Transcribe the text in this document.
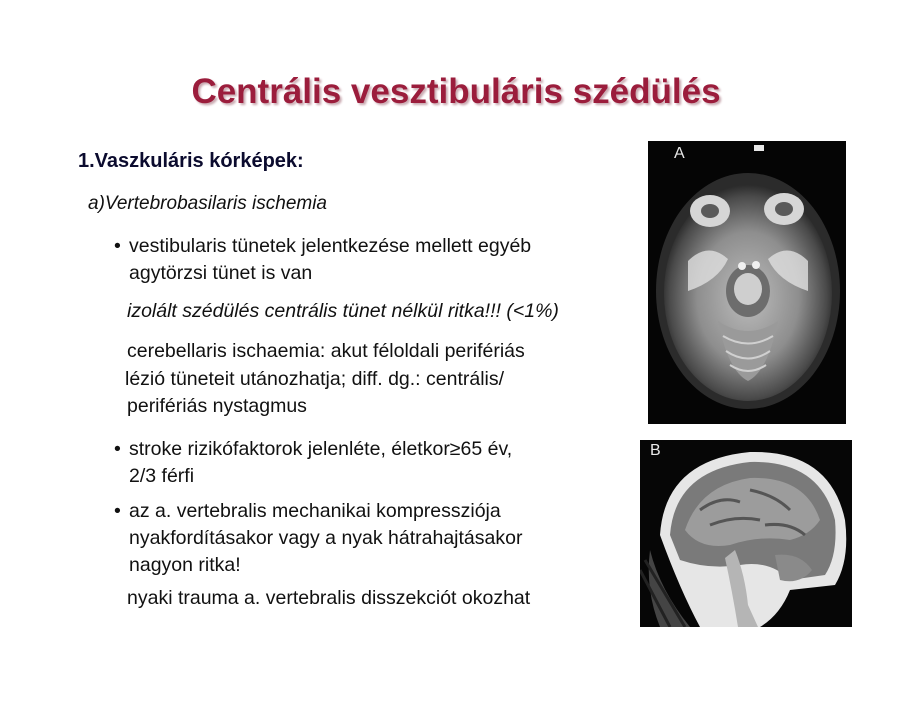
Centrális vesztibuláris szédülés
1.Vaszkuláris kórképek:
a)Vertebrobasilaris ischemia
• vestibularis tünetek jelentkezése mellett egyéb
agytörzsi tünet is van
izolált szédülés centrális tünet nélkül ritka!!! (<1%)
cerebellaris ischaemia: akut féloldali perifériás
lézió tüneteit utánozhatja; diff. dg.: centrális/
perifériás nystagmus
• stroke rizikófaktorok jelenléte, életkor≥65 év,
2/3 férfi
• az a. vertebralis mechanikai kompressziója
nyakfordításakor vagy a nyak hátrahajtásakor
nagyon ritka!
nyaki trauma a. vertebralis disszekciót okozhat
A
B
